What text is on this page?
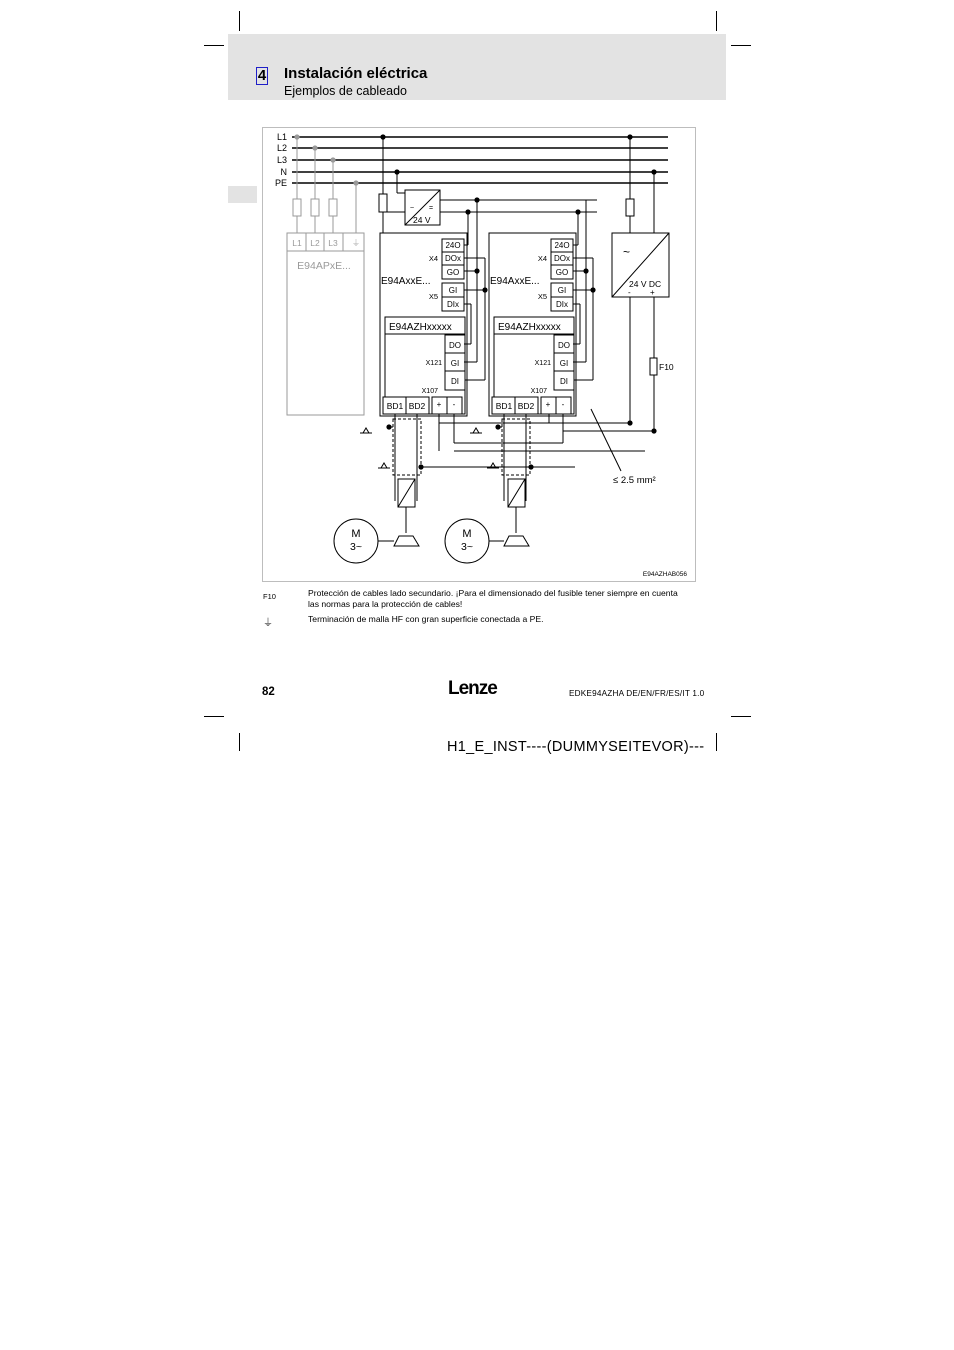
4 Instalación eléctrica
Ejemplos de cableado
L1
L2
L3
N
PE
L1 L2 L3 ⏚
E94APxE...
~ =
24 V
24O
DOx
GO
X4
GI
DIx
X5
DO
GI
DI
X121
X107
BD1 BD2 + -
E94AxxE...
E94AZHxxxxx
24O
DOx
GO
X4
GI
DIx
X5
DO
GI
DI
X121
X107
BD1 BD2 + -
E94AxxE...
E94AZHxxxxx
~
24 V DC
- +
F10
≤ 2.5 mm²
M
3~
M
3~
E94AZHAB056
F10	Protección de cables lado secundario. ¡Para el dimensionado del fusible tener siempre en cuenta las normas para la protección de cables!
⏚	Terminación de malla HF con gran superficie conectada a PE.
82	Lenze	EDKE94AZHA DE/EN/FR/ES/IT 1.0
H1_E_INST----(DUMMYSEITEVOR)---
